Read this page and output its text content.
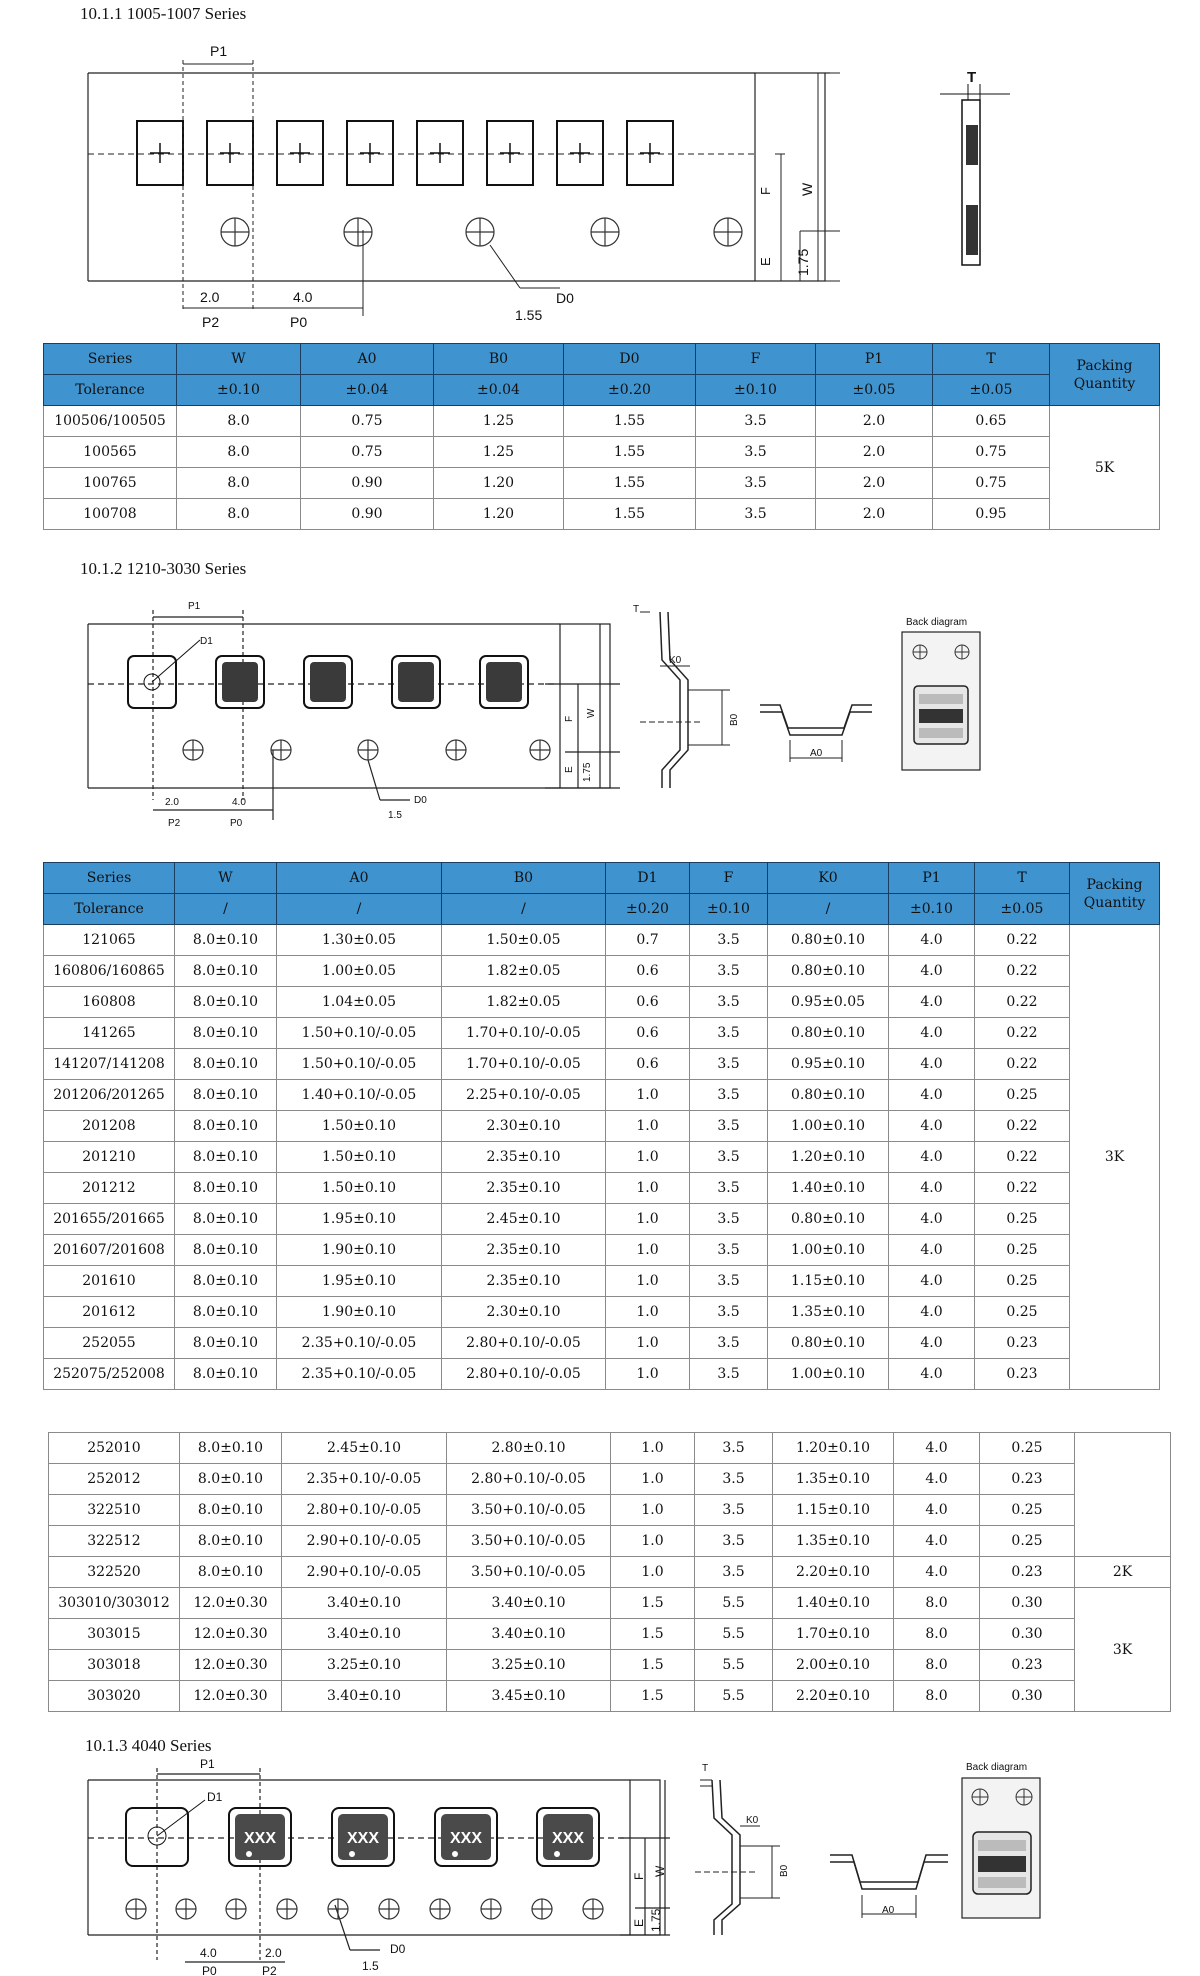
10.1.1 1005-1007 Series
P1
2.0	4.0
P2	P0
D0
1.55
F
E 1.75
W
T
Series	W	A0	B0	D0	F	P1	T	Packing Quantity
Tolerance	±0.10	±0.04	±0.04	±0.20	±0.10	±0.05	±0.05	
100506/100505	8.0	0.75	1.25	1.55	3.5	2.0	0.65	5K
100565	8.0	0.75	1.25	1.55	3.5	2.0	0.75	
100765	8.0	0.90	1.20	1.55	3.5	2.0	0.75	
100708	8.0	0.90	1.20	1.55	3.5	2.0	0.95	
10.1.2 1210-3030 Series
P1
D1
2.0	4.0
P2	P0
D0
1.5
F
E 1.75
W
T
K0
B0
A0
Back diagram
Series	W	A0	B0	D1	F	K0	P1	T	Packing Quantity
Tolerance	/	/	/	±0.20	±0.10	/	±0.10	±0.05	
121065	8.0±0.10	1.30±0.05	1.50±0.05	0.7	3.5	0.80±0.10	4.0	0.22	3K
160806/160865	8.0±0.10	1.00±0.05	1.82±0.05	0.6	3.5	0.80±0.10	4.0	0.22	
160808	8.0±0.10	1.04±0.05	1.82±0.05	0.6	3.5	0.95±0.05	4.0	0.22	
141265	8.0±0.10	1.50+0.10/-0.05	1.70+0.10/-0.05	0.6	3.5	0.80±0.10	4.0	0.22	
141207/141208	8.0±0.10	1.50+0.10/-0.05	1.70+0.10/-0.05	0.6	3.5	0.95±0.10	4.0	0.22	
201206/201265	8.0±0.10	1.40+0.10/-0.05	2.25+0.10/-0.05	1.0	3.5	0.80±0.10	4.0	0.25	
201208	8.0±0.10	1.50±0.10	2.30±0.10	1.0	3.5	1.00±0.10	4.0	0.22	
201210	8.0±0.10	1.50±0.10	2.35±0.10	1.0	3.5	1.20±0.10	4.0	0.22	
201212	8.0±0.10	1.50±0.10	2.35±0.10	1.0	3.5	1.40±0.10	4.0	0.22	
201655/201665	8.0±0.10	1.95±0.10	2.45±0.10	1.0	3.5	0.80±0.10	4.0	0.25	
201607/201608	8.0±0.10	1.90±0.10	2.35±0.10	1.0	3.5	1.00±0.10	4.0	0.25	
201610	8.0±0.10	1.95±0.10	2.35±0.10	1.0	3.5	1.15±0.10	4.0	0.25	
201612	8.0±0.10	1.90±0.10	2.30±0.10	1.0	3.5	1.35±0.10	4.0	0.25	
252055	8.0±0.10	2.35+0.10/-0.05	2.80+0.10/-0.05	1.0	3.5	0.80±0.10	4.0	0.23	
252075/252008	8.0±0.10	2.35+0.10/-0.05	2.80+0.10/-0.05	1.0	3.5	1.00±0.10	4.0	0.23	
252010	8.0±0.10	2.45±0.10	2.80±0.10	1.0	3.5	1.20±0.10	4.0	0.25	
252012	8.0±0.10	2.35+0.10/-0.05	2.80+0.10/-0.05	1.0	3.5	1.35±0.10	4.0	0.23	
322510	8.0±0.10	2.80+0.10/-0.05	3.50+0.10/-0.05	1.0	3.5	1.15±0.10	4.0	0.25	
322512	8.0±0.10	2.90+0.10/-0.05	3.50+0.10/-0.05	1.0	3.5	1.35±0.10	4.0	0.25	
322520	8.0±0.10	2.90+0.10/-0.05	3.50+0.10/-0.05	1.0	3.5	2.20±0.10	4.0	0.23	2K
303010/303012	12.0±0.30	3.40±0.10	3.40±0.10	1.5	5.5	1.40±0.10	8.0	0.30	3K
303015	12.0±0.30	3.40±0.10	3.40±0.10	1.5	5.5	1.70±0.10	8.0	0.30	
303018	12.0±0.30	3.25±0.10	3.25±0.10	1.5	5.5	2.00±0.10	8.0	0.23	
303020	12.0±0.30	3.40±0.10	3.45±0.10	1.5	5.5	2.20±0.10	8.0	0.30	
10.1.3 4040 Series
XXX	XXX	XXX	XXX
P1
D1
4.0	2.0
P0	P2
D0
1.5
F
E 1.75
W
T
K0
B0
A0
Back diagram
